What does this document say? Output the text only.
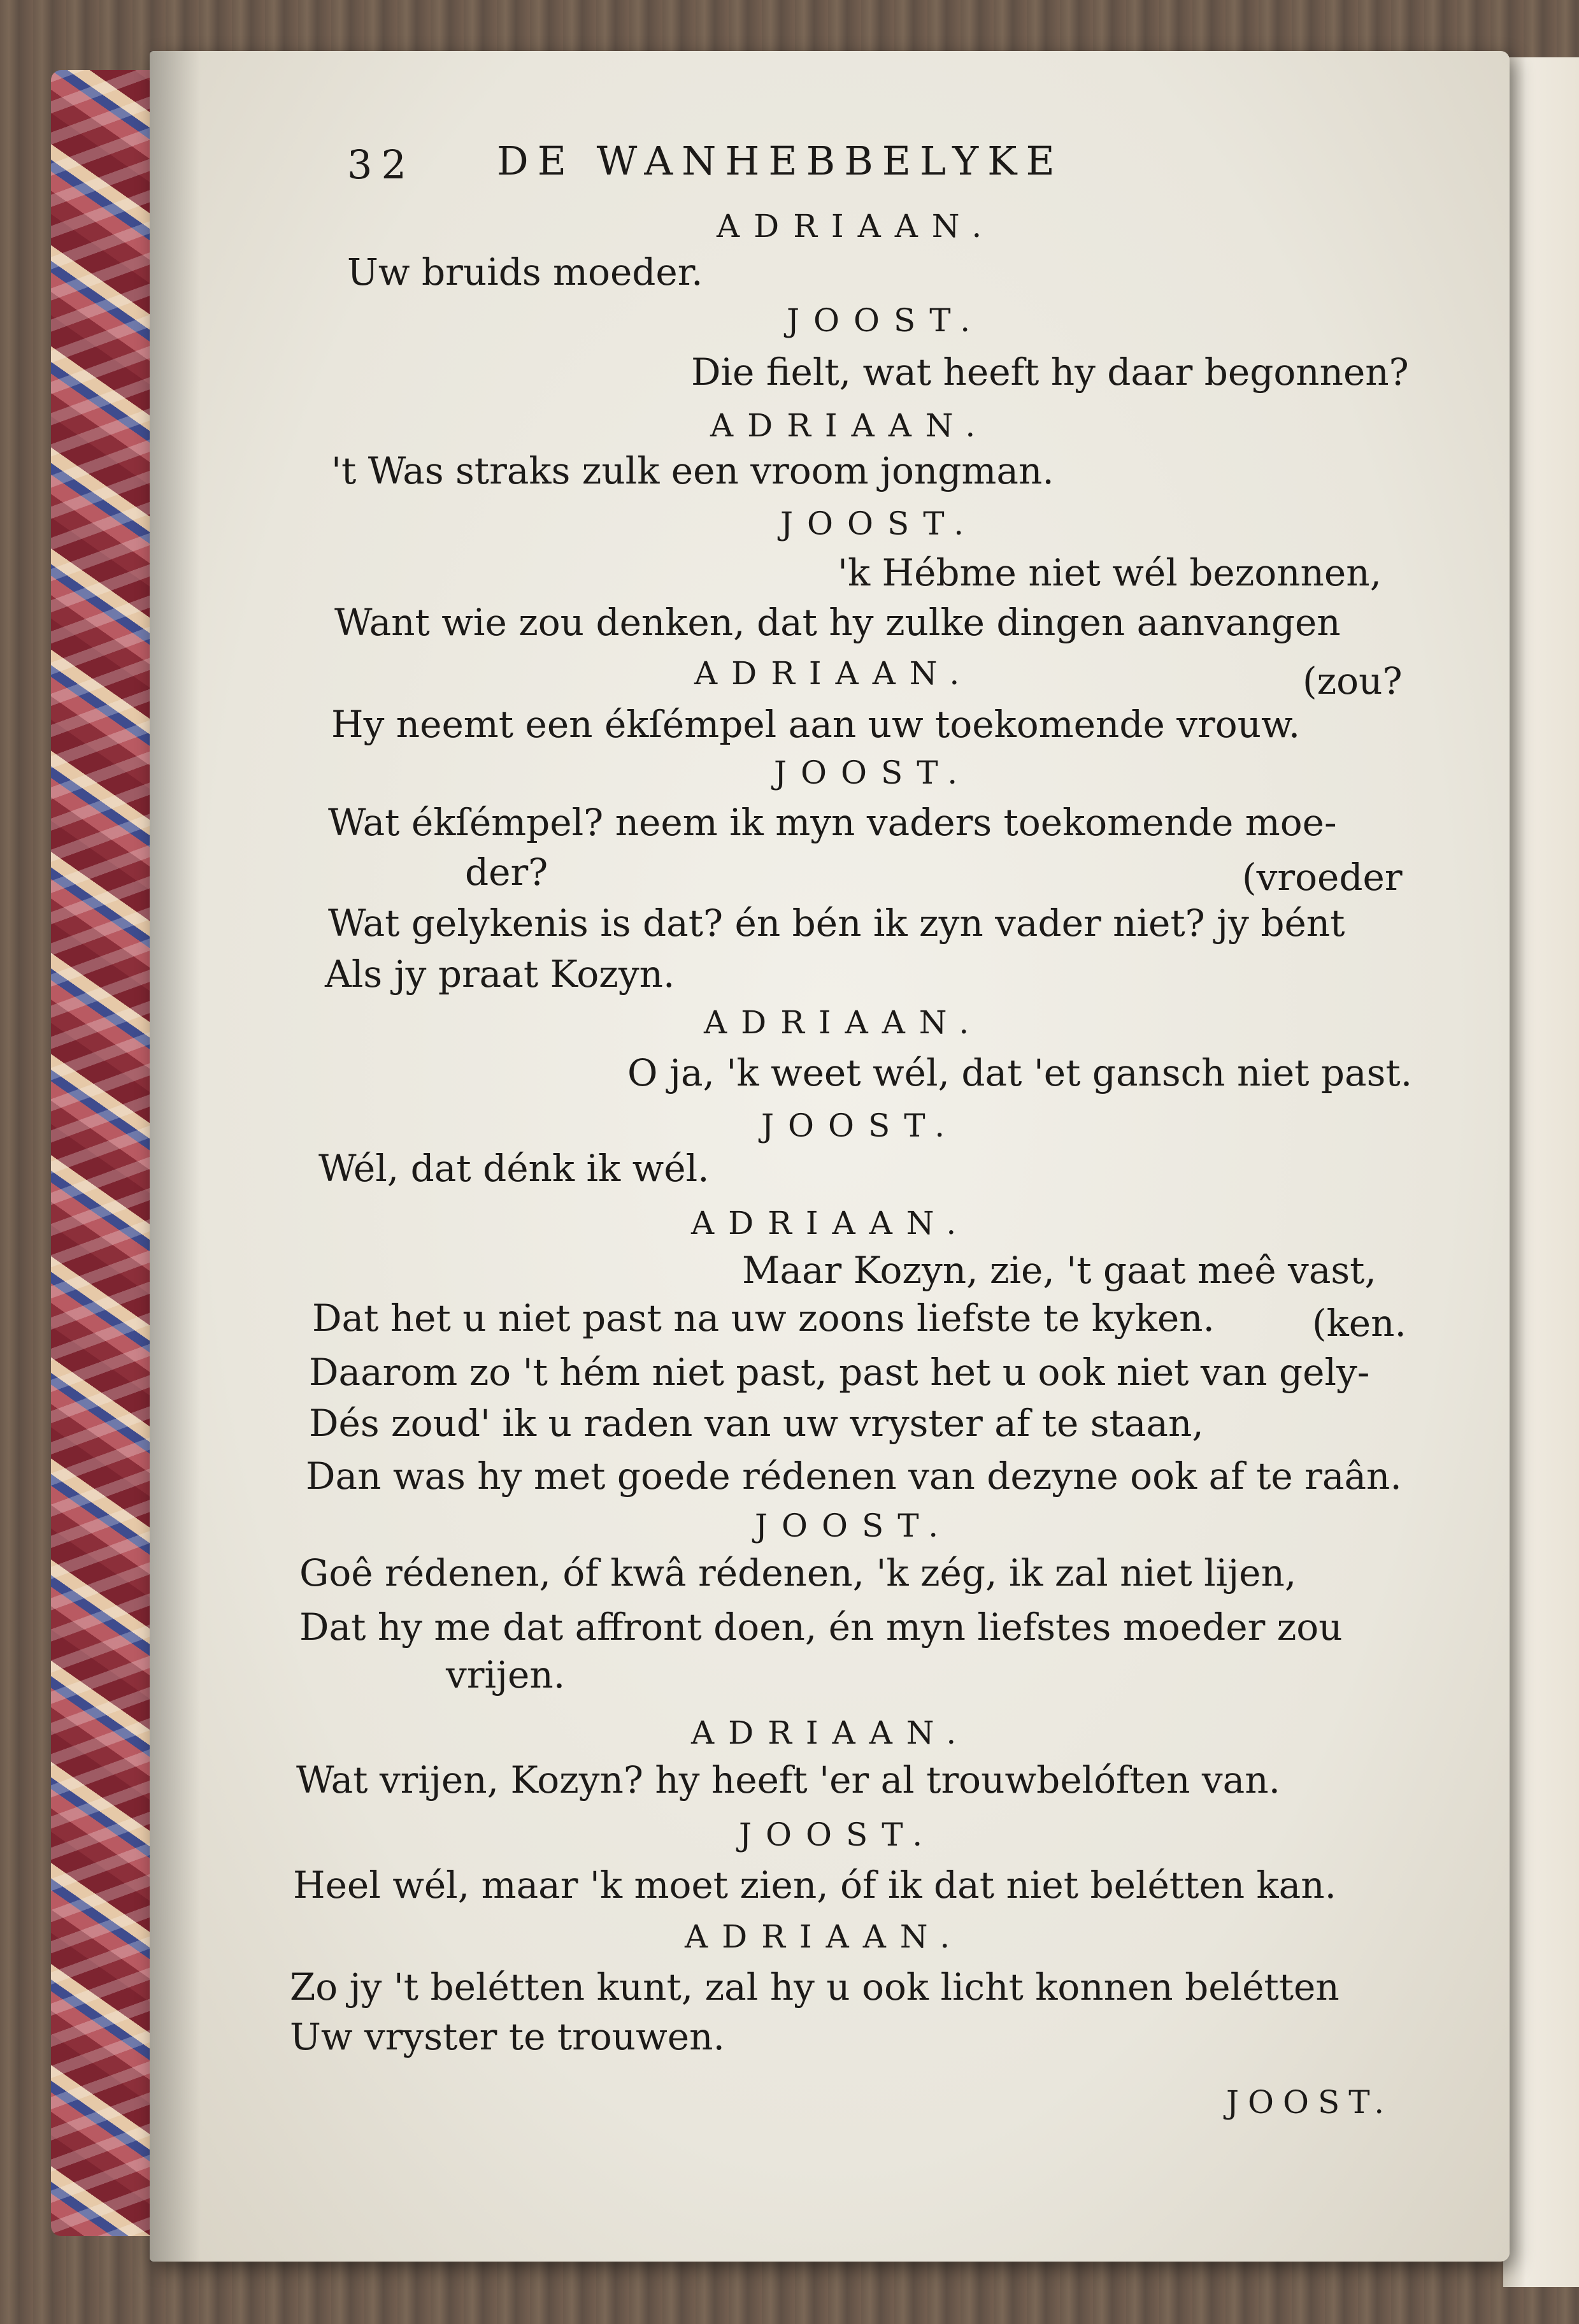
32 DE WANHEBBELYKE
ADRIAAN.
Uw bruids moeder.
JOOST.
Die fielt, wat heeft hy daar begonnen?
ADRIAAN.
't Was straks zulk een vroom jongman.
JOOST.
'k Hébme niet wél bezonnen,
Want wie zou denken, dat hy zulke dingen aanvangen
ADRIAAN.	(zou?
Hy neemt een ékſémpel aan uw toekomende vrouw.
JOOST.
Wat ékſémpel? neem ik myn vaders toekomende moe-
der?	(vroeder
Wat gelykenis is dat? én bén ik zyn vader niet? jy bént
Als jy praat Kozyn.
ADRIAAN.
O ja, 'k weet wél, dat 'et gansch niet past.
JOOST.
Wél, dat dénk ik wél.
ADRIAAN.
Maar Kozyn, zie, 't gaat meê vast,
Dat het u niet past na uw zoons liefste te kyken.	(ken.
Daarom zo 't hém niet past, past het u ook niet van gely-
Dés zoud' ik u raden van uw vryster af te staan,
Dan was hy met goede rédenen van dezyne ook af te raân.
JOOST.
Goê rédenen, óf kwâ rédenen, 'k zég, ik zal niet lijen,
Dat hy me dat affront doen, én myn liefstes moeder zou
vrijen.
ADRIAAN.
Wat vrijen, Kozyn? hy heeft 'er al trouwbelóften van.
JOOST.
Heel wél, maar 'k moet zien, óf ik dat niet belétten kan.
ADRIAAN.
Zo jy 't belétten kunt, zal hy u ook licht konnen belétten
Uw vryster te trouwen.
JOOST.
